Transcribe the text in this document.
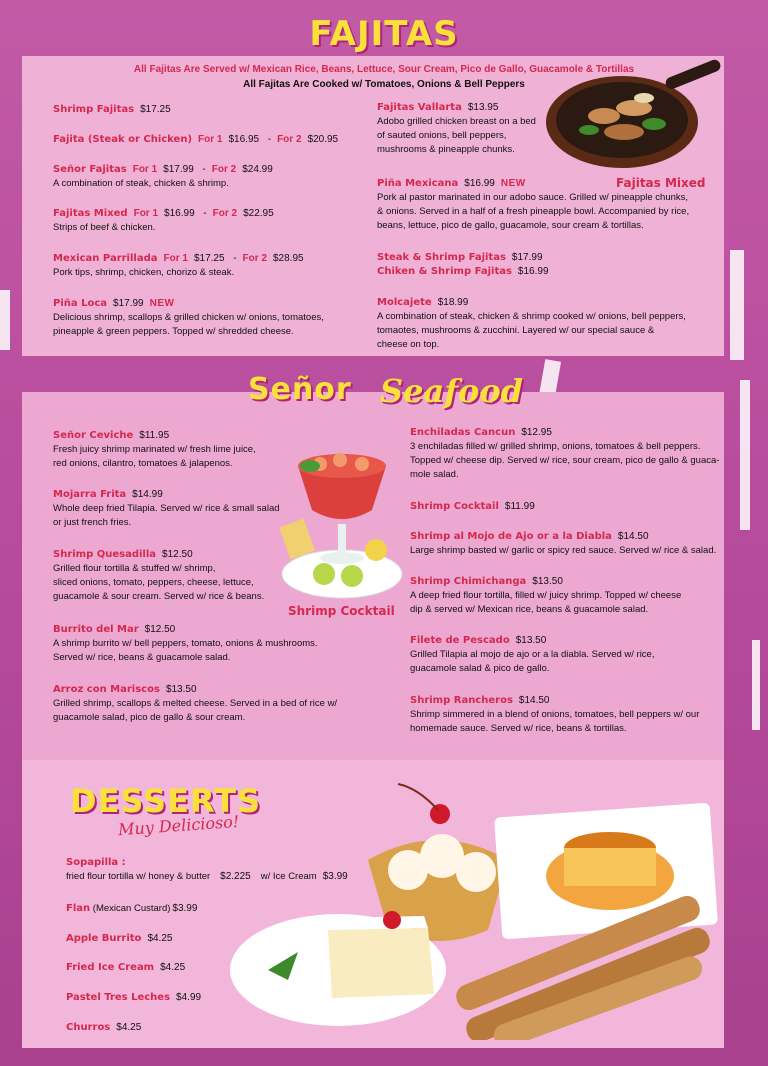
FAJITAS
All Fajitas Are Served w/ Mexican Rice, Beans, Lettuce, Sour Cream, Pico de Gallo, Guacamole & Tortillas
All Fajitas Are Cooked w/ Tomatoes, Onions & Bell Peppers
Shrimp Fajitas $17.25
Fajita (Steak or Chicken) For 1 $16.95 - For 2 $20.95
Señor Fajitas For 1 $17.99 - For 2 $24.99
A combination of steak, chicken & shrimp.
Fajitas Mixed For 1 $16.99 - For 2 $22.95
Strips of beef & chicken.
Mexican Parrillada For 1 $17.25 - For 2 $28.95
Pork tips, shrimp, chicken, chorizo & steak.
Piña Loca $17.99 NEW
Delicious shrimp, scallops & grilled chicken w/ onions, tomatoes,
pineapple & green peppers. Topped w/ shredded cheese.
Fajitas Vallarta $13.95
Adobo grilled chicken breast on a bed
of sauted onions, bell peppers,
mushrooms & pineapple chunks.
Piña Mexicana $16.99 NEW
Pork al pastor marinated in our adobo sauce. Grilled w/ pineapple chunks,
& onions. Served in a half of a fresh pineapple bowl. Accompanied by rice,
beans, lettuce, pico de gallo, guacamole, sour cream & tortillas.
Steak & Shrimp Fajitas $17.99
Chiken & Shrimp Fajitas $16.99
Molcajete $18.99
A combination of steak, chicken & shrimp cooked w/ onions, bell peppers,
tomaotes, mushrooms & zucchini. Layered w/ our special sauce &
cheese on top.
Fajitas Mixed
Señor Seafood
Señor Ceviche $11.95
Fresh juicy shrimp marinated w/ fresh lime juice,
red onions, cilantro, tomatoes & jalapenos.
Mojarra Frita $14.99
Whole deep fried Tilapia. Served w/ rice & small salad
or just french fries.
Shrimp Quesadilla $12.50
Grilled flour tortilla & stuffed w/ shrimp,
sliced onions, tomato, peppers, cheese, lettuce,
guacamole & sour cream. Served w/ rice & beans.
Burrito del Mar $12.50
A shrimp burrito w/ bell peppers, tomato, onions & mushrooms.
Served w/ rice, beans & guacamole salad.
Arroz con Mariscos $13.50
Grilled shrimp, scallops & melted cheese. Served in a bed of rice w/
guacamole salad, pico de gallo & sour cream.
Enchiladas Cancun $12.95
3 enchiladas filled w/ grilled shrimp, onions, tomatoes & bell peppers.
Topped w/ cheese dip. Served w/ rice, sour cream, pico de gallo & guaca-
mole salad.
Shrimp Cocktail $11.99
Shrimp al Mojo de Ajo or a la Diabla $14.50
Large shrimp basted w/ garlic or spicy red sauce. Served w/ rice & salad.
Shrimp Chimichanga $13.50
A deep fried flour tortilla, filled w/ juicy shrimp. Topped w/ cheese
dip & served w/ Mexican rice, beans & guacamole salad.
Filete de Pescado $13.50
Grilled Tilapia al mojo de ajo or a la diabla. Served w/ rice,
guacamole salad & pico de gallo.
Shrimp Rancheros $14.50
Shrimp simmered in a blend of onions, tomatoes, bell peppers w/ our
homemade sauce. Served w/ rice, beans & tortillas.
Shrimp Cocktail
DESSERTS
Muy Delicioso!
Sopapilla :
fried flour tortilla w/ honey & butter $2.225 w/ Ice Cream $3.99
Flan (Mexican Custard) $3.99
Apple Burrito $4.25
Fried Ice Cream $4.25
Pastel Tres Leches $4.99
Churros $4.25
